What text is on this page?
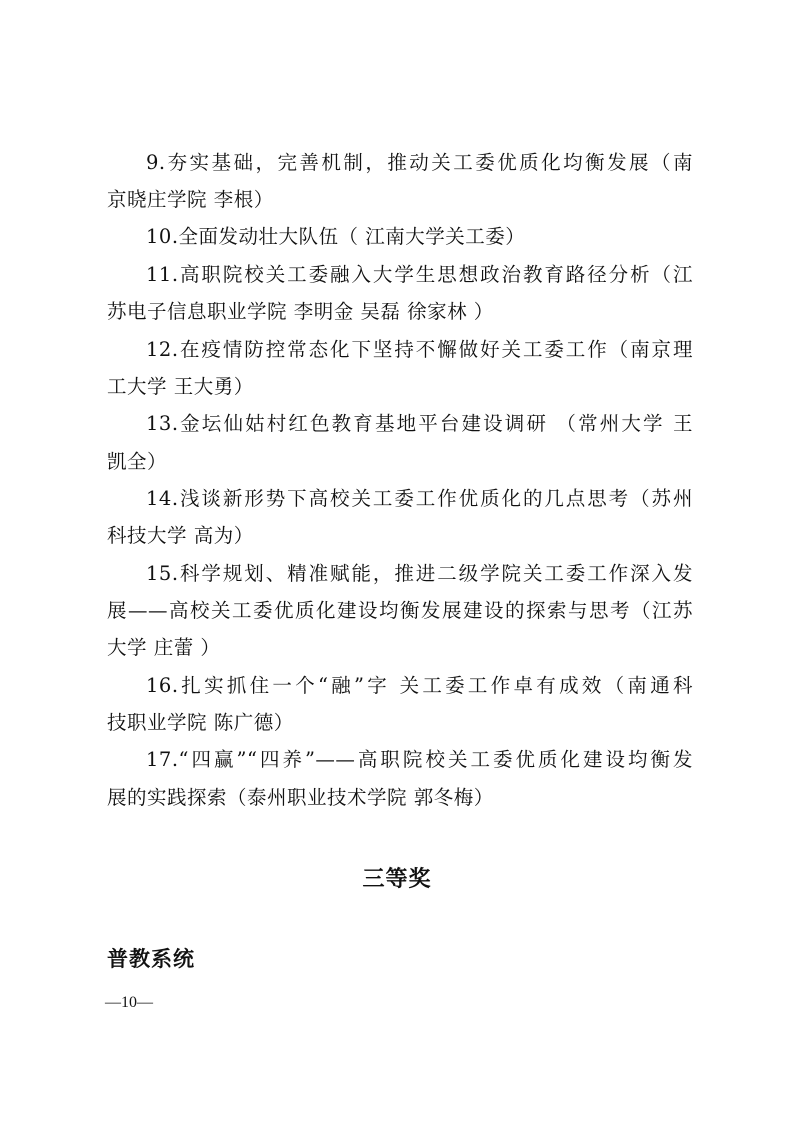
9.夯实基础，完善机制，推动关工委优质化均衡发展（南
京晓庄学院 李根）
10.全面发动壮大队伍（ 江南大学关工委）
11.高职院校关工委融入大学生思想政治教育路径分析（江
苏电子信息职业学院 李明金 吴磊 徐家林 ）
12.在疫情防控常态化下坚持不懈做好关工委工作（南京理
工大学 王大勇）
13.金坛仙姑村红色教育基地平台建设调研 （常州大学 王
凯全）
14.浅谈新形势下高校关工委工作优质化的几点思考（苏州
科技大学 高为）
15.科学规划、精准赋能，推进二级学院关工委工作深入发
展——高校关工委优质化建设均衡发展建设的探索与思考（江苏
大学 庄蕾 ）
16.扎实抓住一个“融”字 关工委工作卓有成效（南通科
技职业学院 陈广德）
17.“四赢”“四养”——高职院校关工委优质化建设均衡发
展的实践探索（泰州职业技术学院 郭冬梅）
三等奖
普教系统
—10—
